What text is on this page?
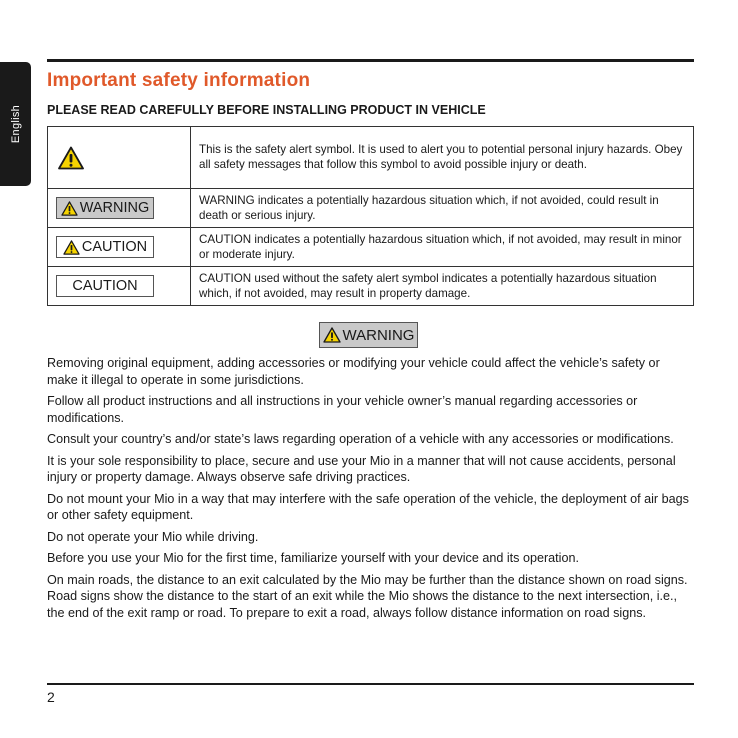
English
Important safety information
PLEASE READ CAREFULLY BEFORE INSTALLING PRODUCT IN VEHICLE
	This is the safety alert symbol. It is used to alert you to potential personal injury hazards. Obey all safety messages that follow this symbol to avoid possible injury or death.

WARNING	WARNING indicates a potentially hazardous situation which, if not avoided, could result in death or serious injury.

CAUTION	CAUTION indicates a potentially hazardous situation which, if not avoided, may result in minor or moderate injury.

CAUTION	CAUTION used without the safety alert symbol indicates a potentially hazardous situation which, if not avoided, may result in property damage.
WARNING

Removing original equipment, adding accessories or modifying your vehicle could affect the vehicle’s safety or make it illegal to operate in some jurisdictions.

Follow all product instructions and all instructions in your vehicle owner’s manual regarding accessories or modifications.

Consult your country’s and/or state’s laws regarding operation of a vehicle with any accessories or modifications.

It is your sole responsibility to place, secure and use your Mio in a manner that will not cause accidents, personal injury or property damage. Always observe safe driving practices.

Do not mount your Mio in a way that may interfere with the safe operation of the vehicle, the deployment of air bags or other safety equipment.

Do not operate your Mio while driving.

Before you use your Mio for the first time, familiarize yourself with your device and its operation.

On main roads, the distance to an exit calculated by the Mio may be further than the distance shown on road signs. Road signs show the distance to the start of an exit while the Mio shows the distance to the next intersection, i.e., the end of the exit ramp or road. To prepare to exit a road, always follow distance information on road signs.

2
